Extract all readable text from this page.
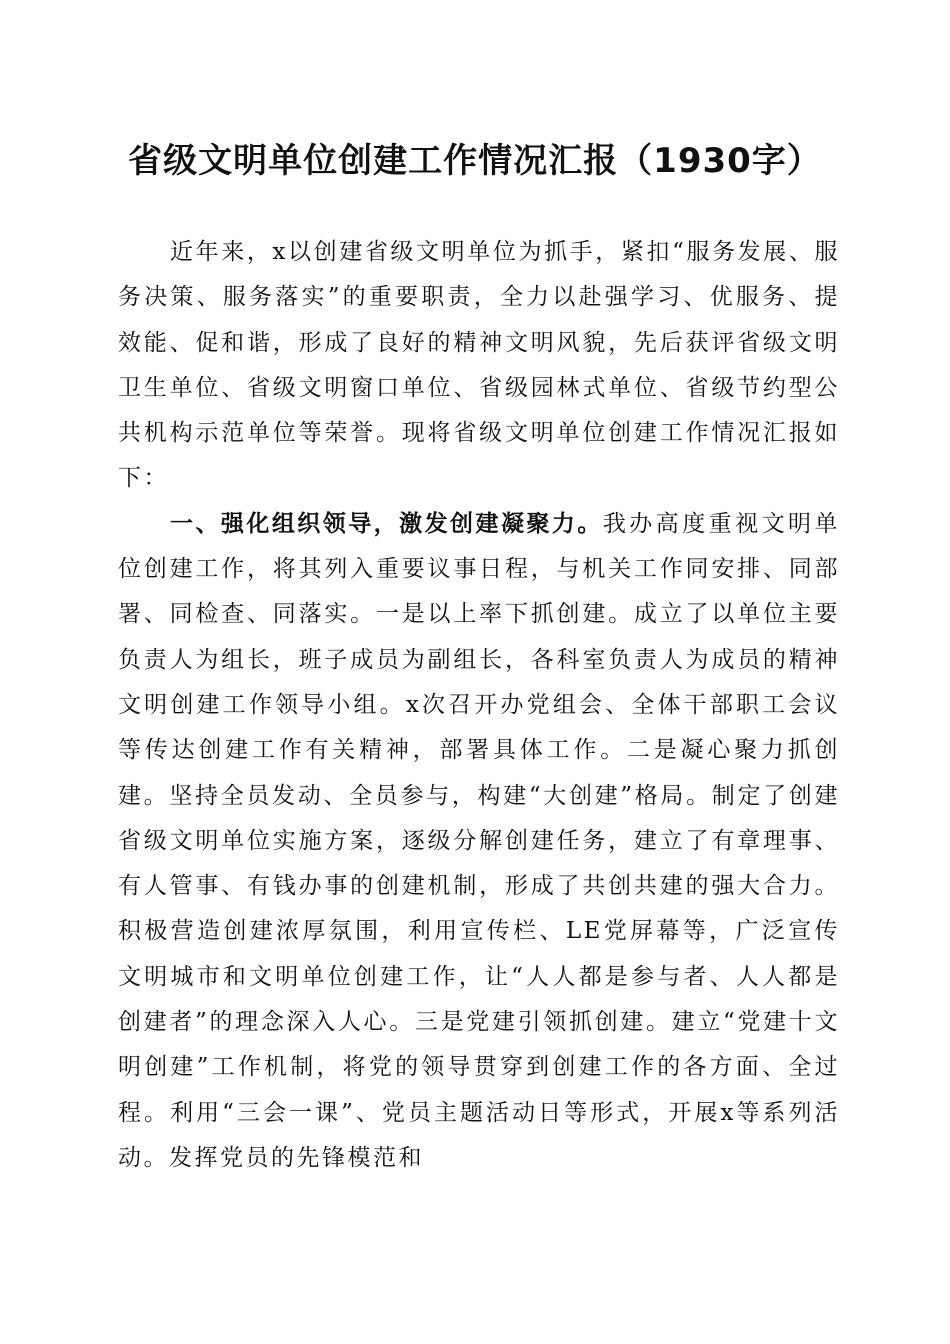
省级文明单位创建工作情况汇报（1930字）

近年来，x以创建省级文明单位为抓手，紧扣“服务发展、服务决策、服务落实”的重要职责，全力以赴强学习、优服务、提效能、促和谐，形成了良好的精神文明风貌，先后获评省级文明卫生单位、省级文明窗口单位、省级园林式单位、省级节约型公共机构示范单位等荣誉。现将省级文明单位创建工作情况汇报如下：

一、强化组织领导，激发创建凝聚力。我办高度重视文明单位创建工作，将其列入重要议事日程，与机关工作同安排、同部署、同检查、同落实。一是以上率下抓创建。成立了以单位主要负责人为组长，班子成员为副组长，各科室负责人为成员的精神文明创建工作领导小组。x次召开办党组会、全体干部职工会议等传达创建工作有关精神，部署具体工作。二是凝心聚力抓创建。坚持全员发动、全员参与，构建“大创建”格局。制定了创建省级文明单位实施方案，逐级分解创建任务，建立了有章理事、有人管事、有钱办事的创建机制，形成了共创共建的强大合力。积极营造创建浓厚氛围，利用宣传栏、LE党屏幕等，广泛宣传文明城市和文明单位创建工作，让“人人都是参与者、人人都是创建者”的理念深入人心。三是党建引领抓创建。建立“党建十文明创建”工作机制，将党的领导贯穿到创建工作的各方面、全过程。利用“三会一课”、党员主题活动日等形式，开展x等系列活动。发挥党员的先锋模范和
